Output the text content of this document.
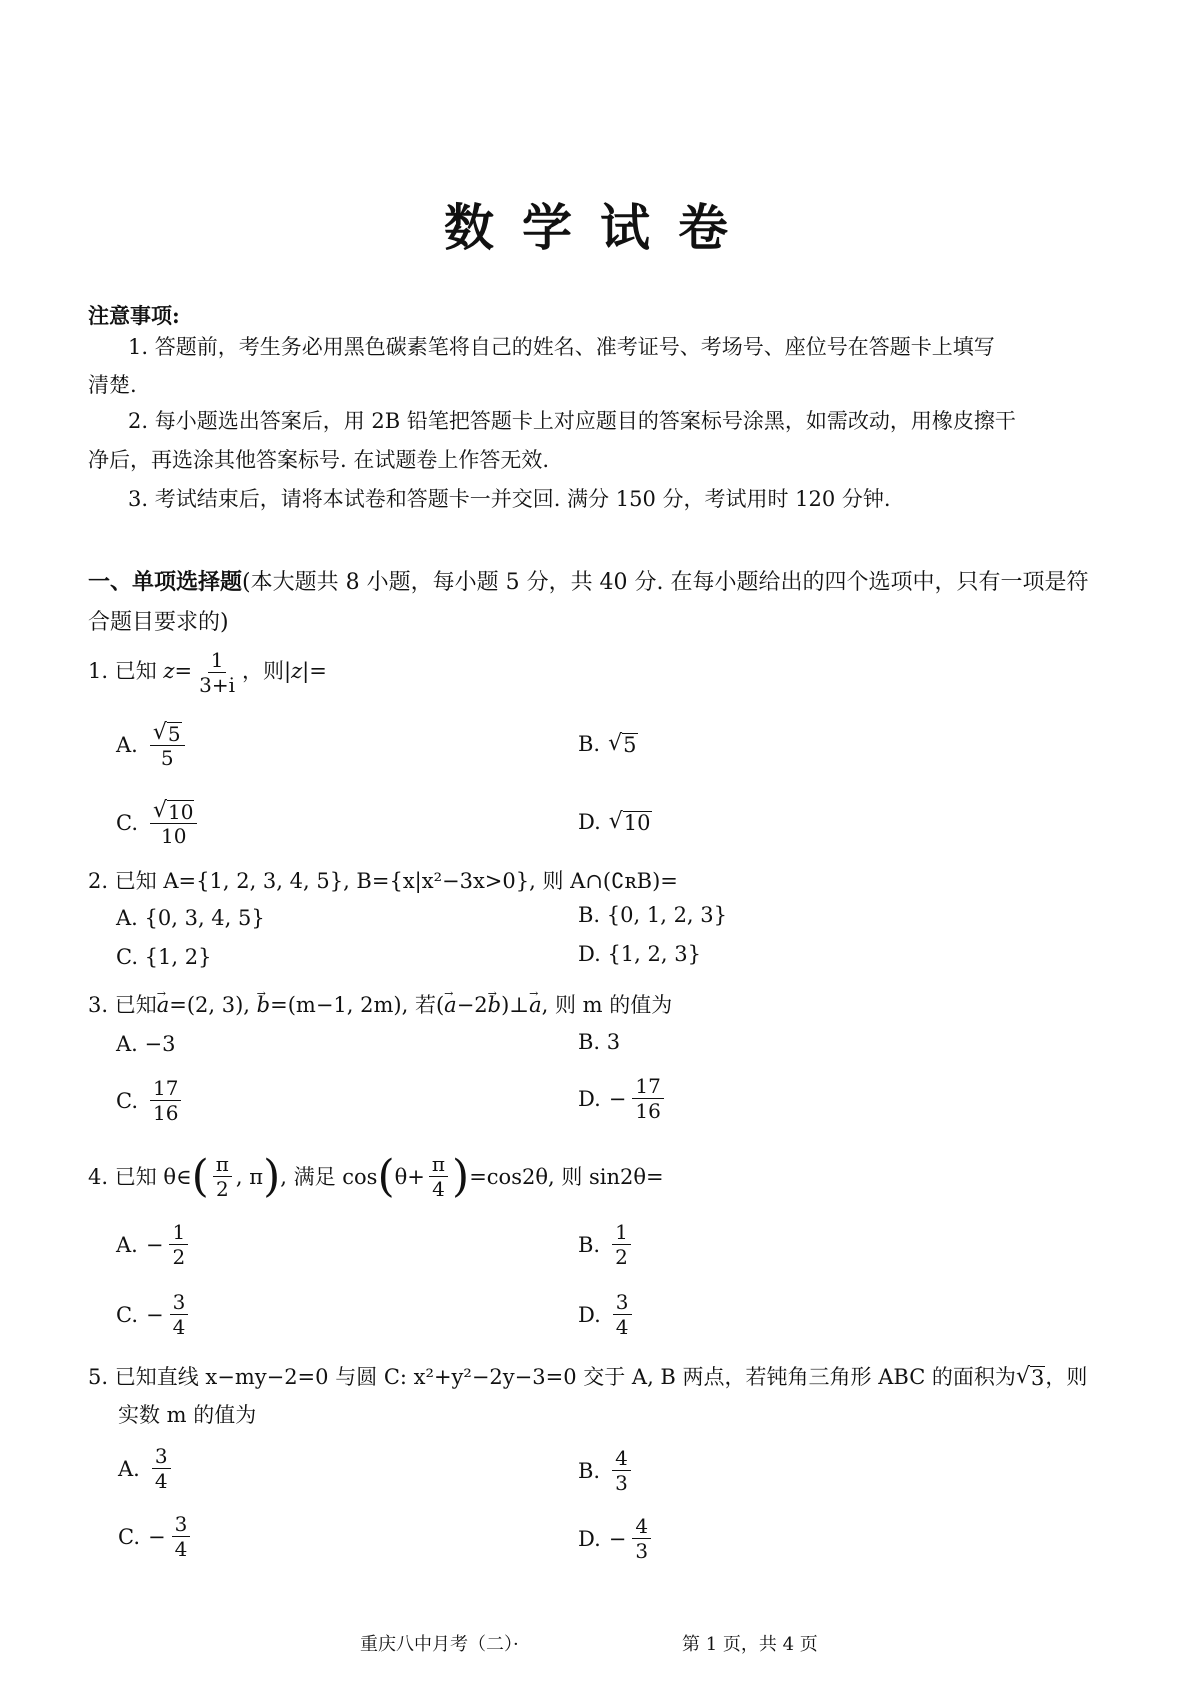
数学试卷
注意事项:
1. 答题前，考生务必用黑色碳素笔将自己的姓名、准考证号、考场号、座位号在答题卡上填写
清楚.
2. 每小题选出答案后，用 2B 铅笔把答题卡上对应题目的答案标号涂黑，如需改动，用橡皮擦干
净后，再选涂其他答案标号. 在试题卷上作答无效.
3. 考试结束后，请将本试卷和答题卡一并交回. 满分 150 分，考试用时 120 分钟.
一、单项选择题(本大题共 8 小题，每小题 5 分，共 40 分. 在每小题给出的四个选项中，只有一项是符合题目要求的)
1. 已知 $z= \frac{1}{3+i}$ ，则|z|=
A. $\frac{√ 5}{5}$	B. √ 5
C. $\frac{√ 10}{10}$	D. √ 10
2. 已知 A={1, 2, 3, 4, 5}, B={x|x²−3x>0}, 则 A∩(∁ʀB)=
A. {0, 3, 4, 5}	B. {0, 1, 2, 3}
C. {1, 2}	D. {1, 2, 3}
3. 已知→ a=(2, 3), → b=(m−1, 2m), 若(→ a−2→ b)⊥→ a, 则 m 的值为
A. −3	B. 3
C. $\frac{17}{16}$	D. − $\frac{17}{16}$
4. 已知 θ∈ ( $\frac{\pi}{2}$ , π ) , 满足 cos ( $\theta+ \frac{\pi}{4}$ ) =cos2θ, 则 sin2θ=
A. − $\frac{1}{2}$	B. $\frac{1}{2}$
C. − $\frac{3}{4}$	D. $\frac{3}{4}$
5. 已知直线 x−my−2=0 与圆 C: x²+y²−2y−3=0 交于 A, B 两点，若钝角三角形 ABC 的面积为 √ 3 ，则
实数 m 的值为
A. $\frac{3}{4}$	B. $\frac{4}{3}$
C. − $\frac{3}{4}$	D. − $\frac{4}{3}$
重庆八中月考（二）·	第 1 页，共 4 页
